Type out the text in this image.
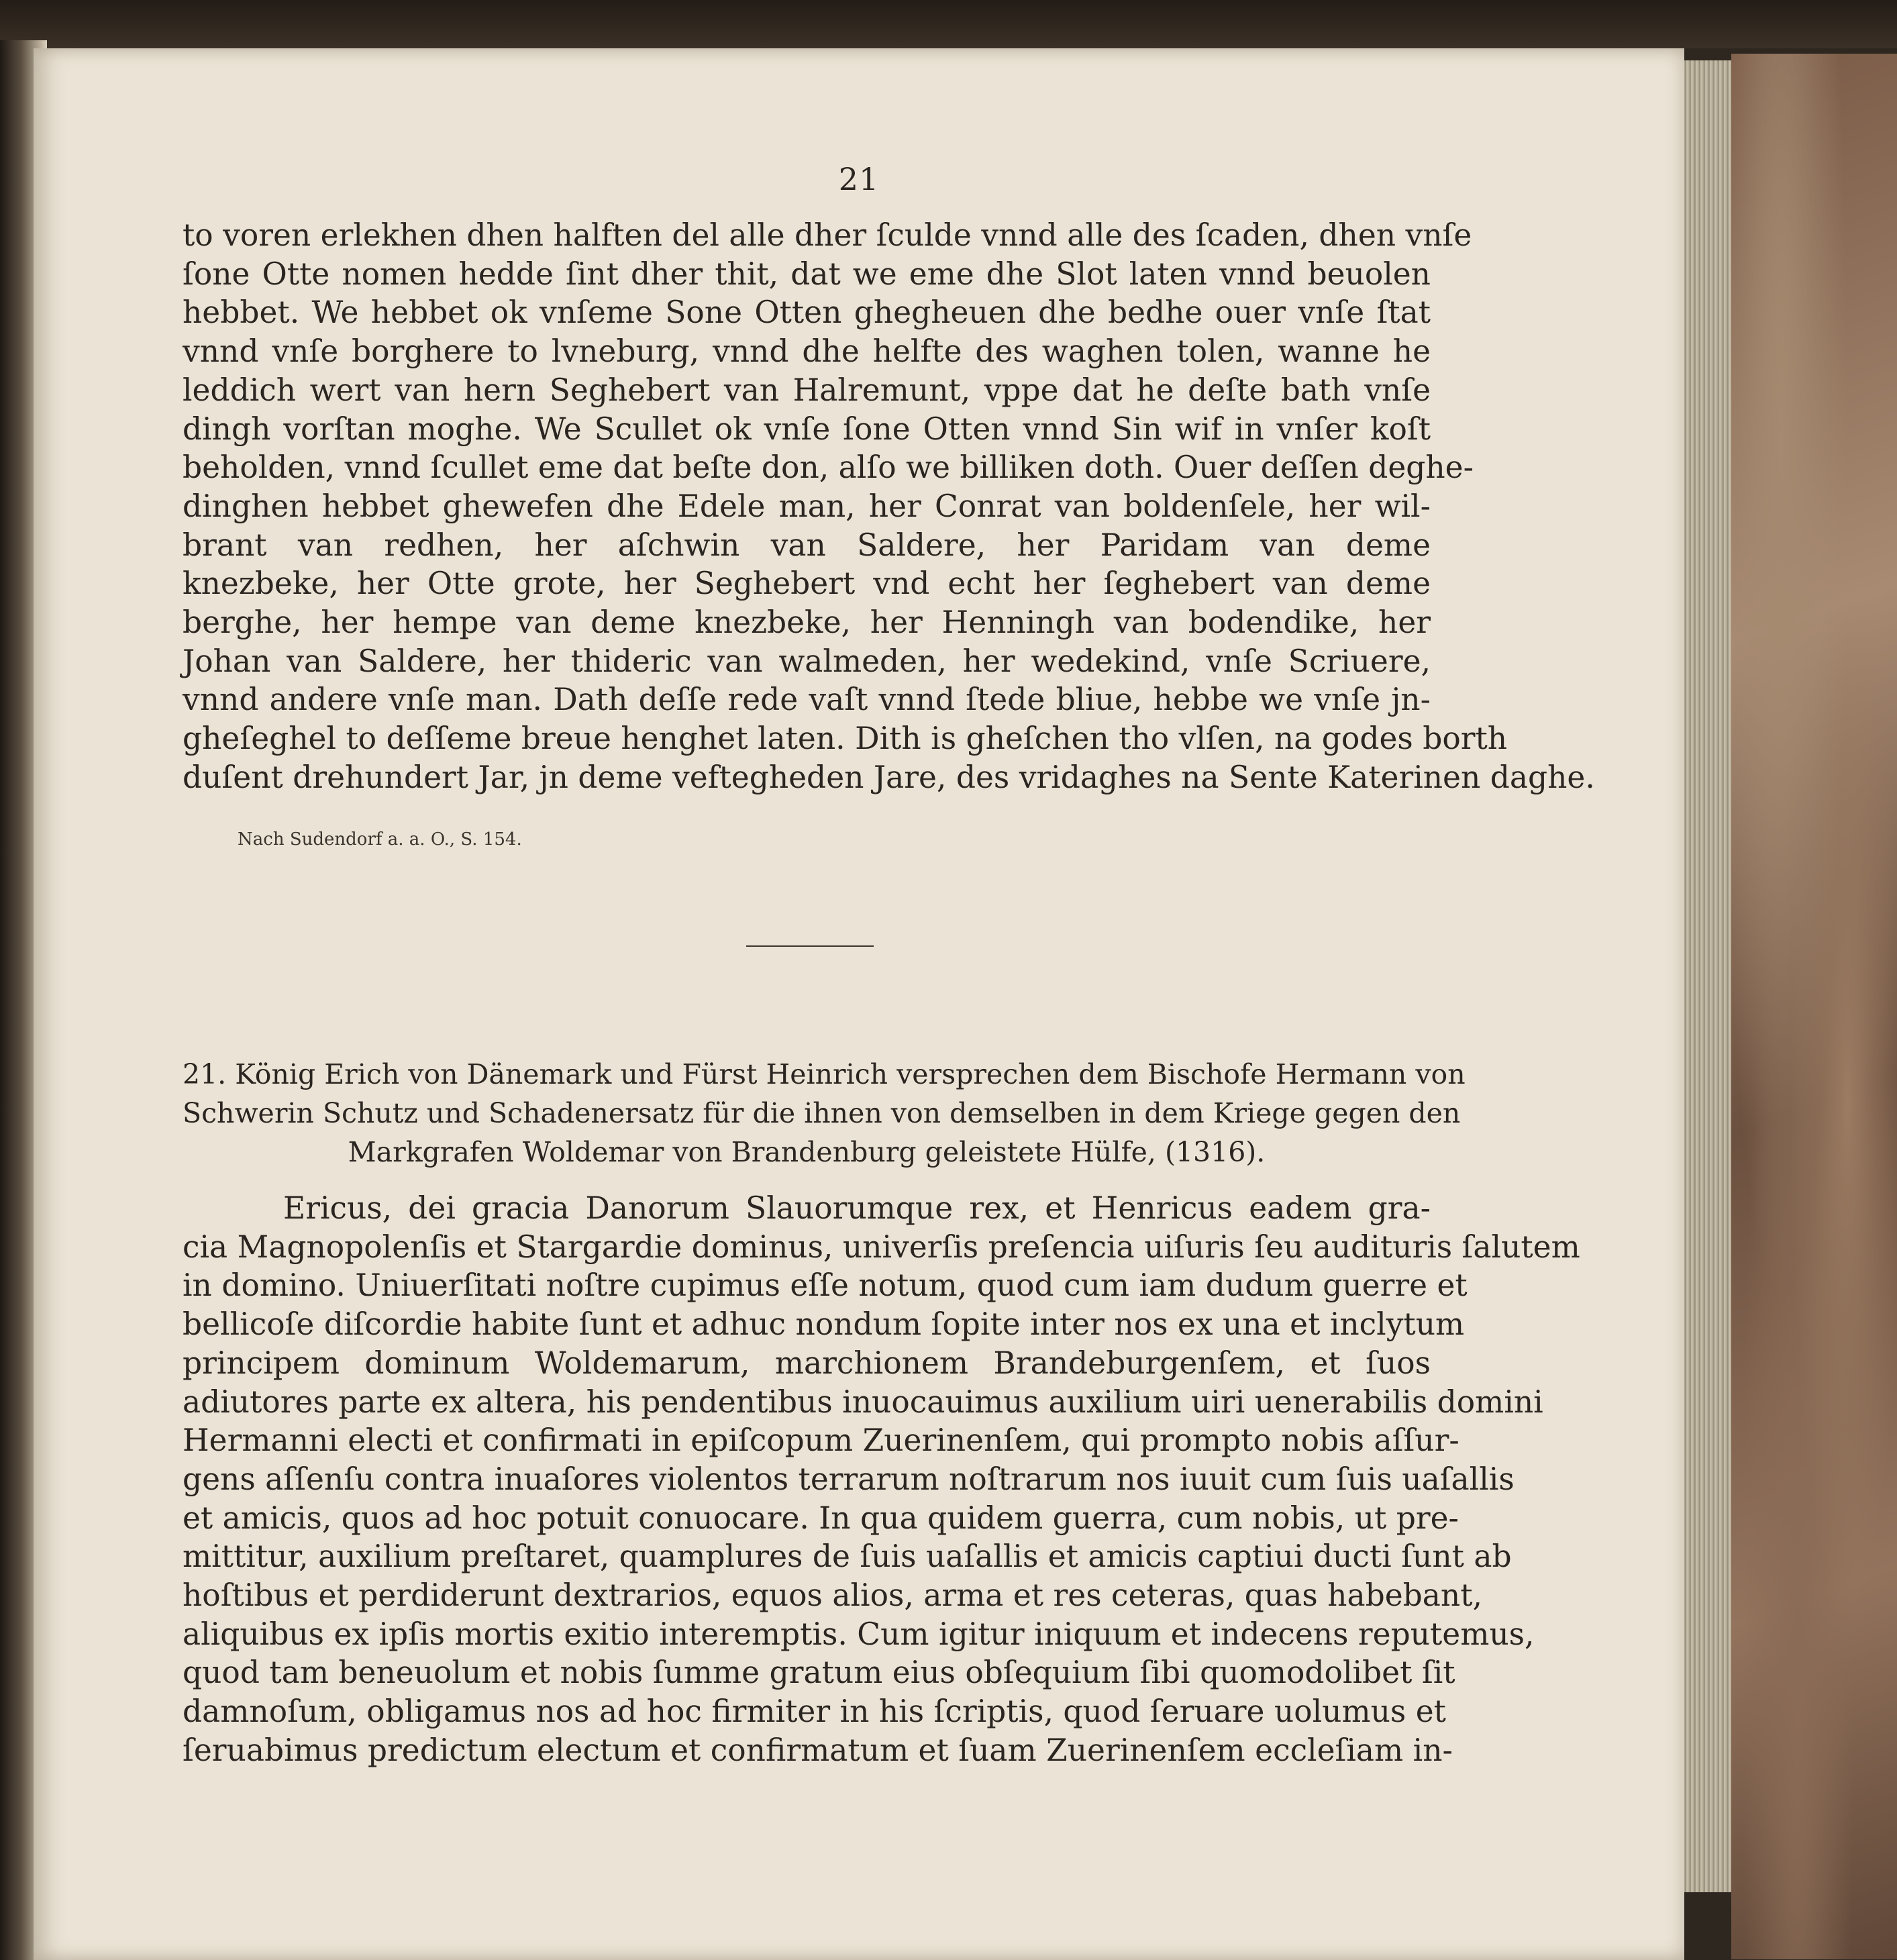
21
to voren erlekhen dhen halften del alle dher ſculde vnnd alle des ſcaden, dhen vnſe
ſone Otte nomen hedde ſint dher thit, dat we eme dhe Slot laten vnnd beuolen
hebbet. We hebbet ok vnſeme Sone Otten ghegheuen dhe bedhe ouer vnſe ſtat
vnnd vnſe borghere to lvneburg, vnnd dhe helfte des waghen tolen, wanne he
leddich wert van hern Seghebert van Halremunt, vppe dat he deſte bath vnſe
dingh vorſtan moghe. We Scullet ok vnſe ſone Otten vnnd Sin wif in vnſer koſt
beholden, vnnd ſcullet eme dat beſte don, alſo we billiken doth. Ouer deſſen deghe-
dinghen hebbet ghewefen dhe Edele man, her Conrat van boldenſele, her wil-
brant van redhen, her aſchwin van Saldere, her Paridam van deme
knezbeke, her Otte grote, her Seghebert vnd echt her ſeghebert van deme
berghe, her hempe van deme knezbeke, her Henningh van bodendike, her
Johan van Saldere, her thideric van walmeden, her wedekind, vnſe Scriuere,
vnnd andere vnſe man. Dath deſſe rede vaſt vnnd ſtede bliue, hebbe we vnſe jn-
gheſeghel to deſſeme breue henghet laten. Dith is gheſchen tho vlſen, na godes borth
duſent drehundert Jar, jn deme veftegheden Jare, des vridaghes na Sente Katerinen daghe.
Nach Sudendorf a. a. O., S. 154.
21. König Erich von Dänemark und Fürst Heinrich versprechen dem Bischofe Hermann von
Schwerin Schutz und Schadenersatz für die ihnen von demselben in dem Kriege gegen den
Markgrafen Woldemar von Brandenburg geleistete Hülfe, (1316).
Ericus, dei gracia Danorum Slauorumque rex, et Henricus eadem gra-
cia Magnopolenſis et Stargardie dominus, univerſis preſencia uiſuris ſeu audituris ſalutem
in domino. Uniuerſitati noſtre cupimus eſſe notum, quod cum iam dudum guerre et
bellicoſe diſcordie habite ſunt et adhuc nondum ſopite inter nos ex una et inclytum
principem dominum Woldemarum, marchionem Brandeburgenſem, et ſuos
adiutores parte ex altera, his pendentibus inuocauimus auxilium uiri uenerabilis domini
Hermanni electi et confirmati in epiſcopum Zuerinenſem, qui prompto nobis aſſur-
gens aſſenſu contra inuaſores violentos terrarum noſtrarum nos iuuit cum ſuis uaſallis
et amicis, quos ad hoc potuit conuocare. In qua quidem guerra, cum nobis, ut pre-
mittitur, auxilium preſtaret, quamplures de ſuis uaſallis et amicis captiui ducti ſunt ab
hoſtibus et perdiderunt dextrarios, equos alios, arma et res ceteras, quas habebant,
aliquibus ex ipſis mortis exitio interemptis. Cum igitur iniquum et indecens reputemus,
quod tam beneuolum et nobis ſumme gratum eius obſequium ſibi quomodolibet ſit
damnoſum, obligamus nos ad hoc firmiter in his ſcriptis, quod ſeruare uolumus et
ſeruabimus predictum electum et confirmatum et ſuam Zuerinenſem eccleſiam in-
